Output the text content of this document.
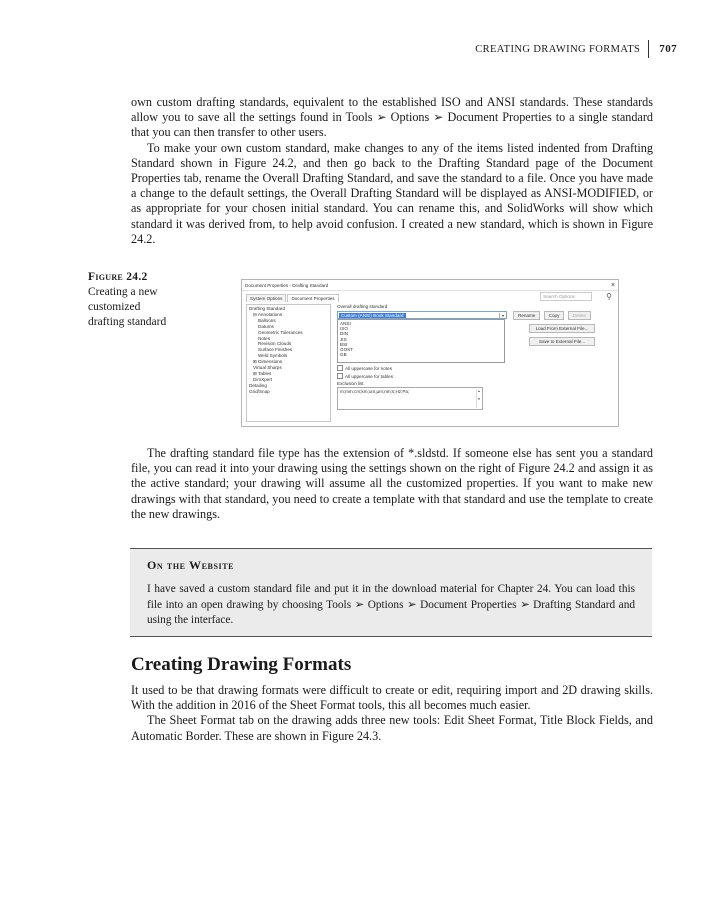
CREATING DRAWING FORMATS	707

own custom drafting standards, equivalent to the established ISO and ANSI standards. These standards allow you to save all the settings found in Tools ➢ Options ➢ Document Properties to a single standard that you can then transfer to other users.

To make your own custom standard, make changes to any of the items listed indented from Drafting Standard shown in Figure 24.2, and then go back to the Drafting Standard page of the Document Properties tab, rename the Overall Drafting Standard, and save the standard to a file. Once you have made a change to the default settings, the Overall Drafting Standard will be displayed as ANSI-MODIFIED, or as appropriate for your chosen initial standard. You can rename this, and SolidWorks will show which standard it was derived from, to help avoid confusion. I created a new standard, which is shown in Figure 24.2.

Figure 24.2
Creating a new customized drafting standard
Document Properties - Drafting Standard	×
System Options	Document Properties	Search Options	⚲
Drafting Standard
⊟ Annotations
Balloons
Datums
Geometric Tolerances
Notes
Revision Clouds
Surface Finishes
Weld Symbols
⊞ Dimensions
Virtual Sharps
⊞ Tables
DimXpert
Detailing
Grid/Snap
Overall drafting standard
Custom (ANSI) Book Standard	▾
ANSI
ISO
DIN
JIS
BSI
GOST
GB
All uppercase for notes
All uppercase for tables
Exclusion list
m;mm;cm;km;um;µm;nm;s;Hz;Pa;	▲

▼
Rename	Copy	Delete
Load From External File...
Save to External File...

The drafting standard file type has the extension of *.sldstd. If someone else has sent you a standard file, you can read it into your drawing using the settings shown on the right of Figure 24.2 and assign it as the active standard; your drawing will assume all the customized properties. If you want to make new drawings with that standard, you need to create a template with that standard and use the template to create the new drawings.

On the Website
I have saved a custom standard file and put it in the download material for Chapter 24. You can load this file into an open drawing by choosing Tools ➢ Options ➢ Document Properties ➢ Drafting Standard and using the interface.
Creating Drawing Formats

It used to be that drawing formats were difficult to create or edit, requiring import and 2D drawing skills. With the addition in 2016 of the Sheet Format tools, this all becomes much easier.

The Sheet Format tab on the drawing adds three new tools: Edit Sheet Format, Title Block Fields, and Automatic Border. These are shown in Figure 24.3.
